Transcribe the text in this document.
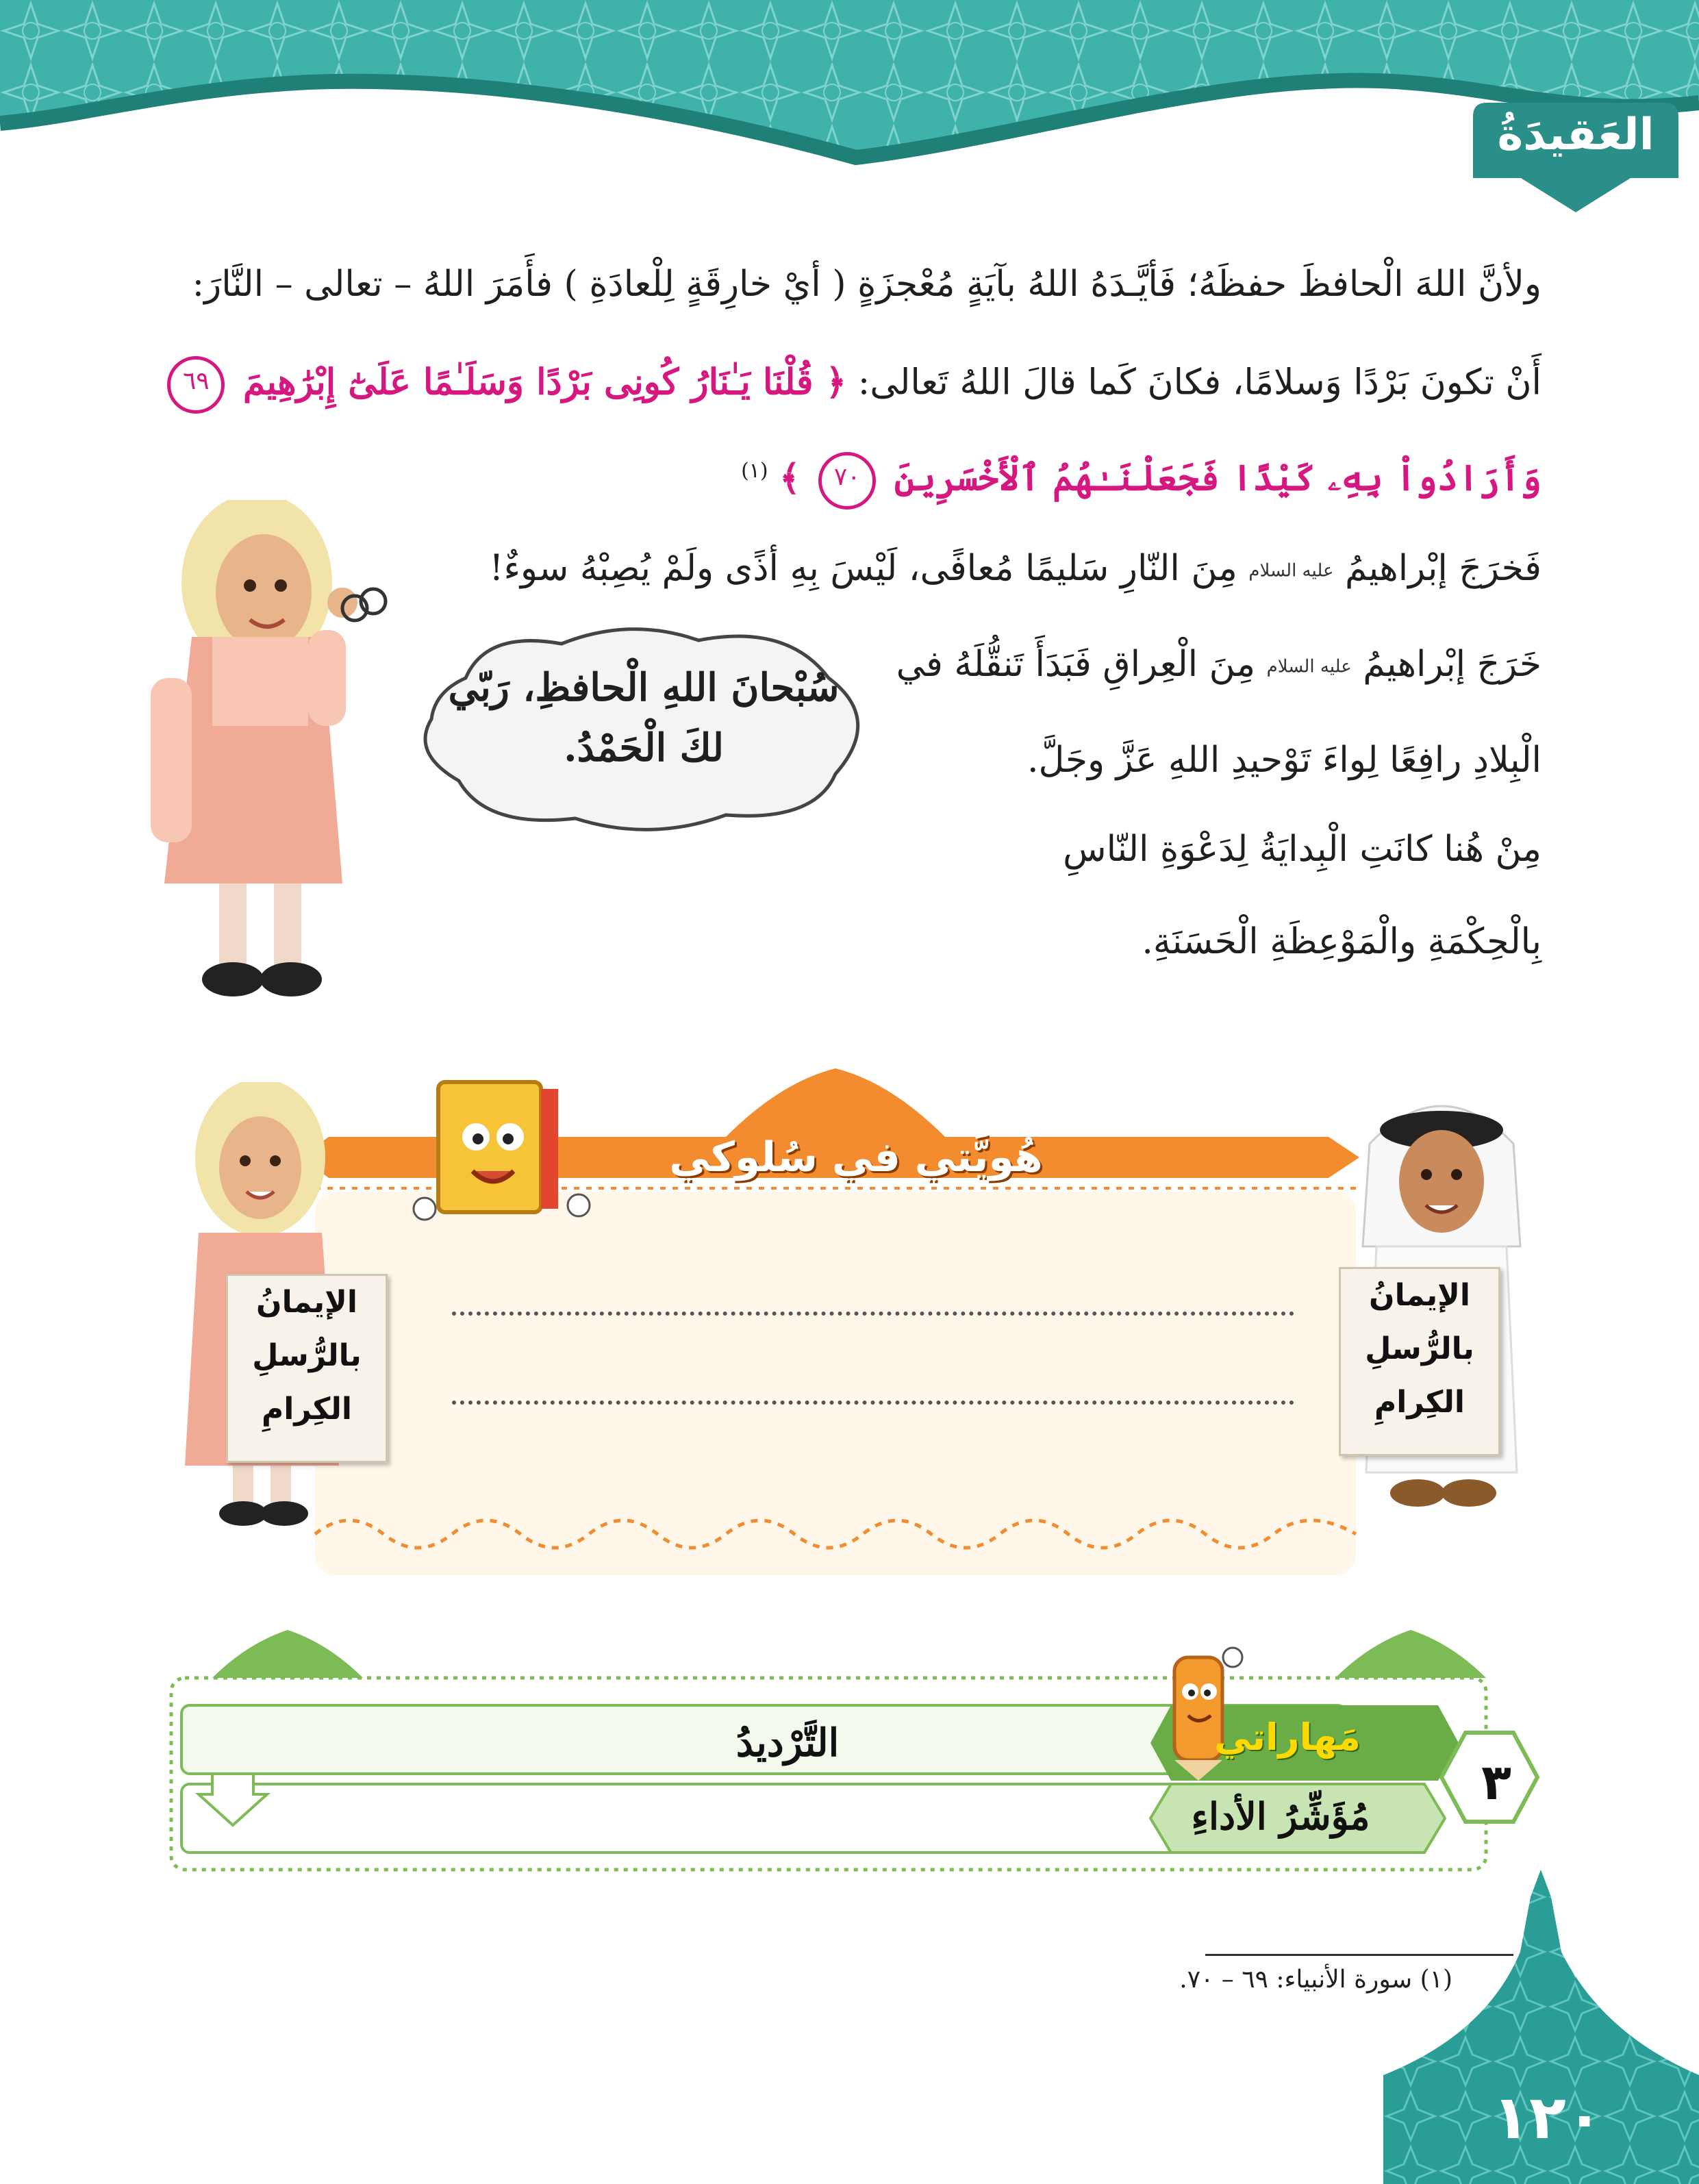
العَقيدَةُ
ولأنَّ اللهَ الْحافظَ حفظَهُ؛ فَأيَّـدَهُ اللهُ بآيَةٍ مُعْجزَةٍ ( أيْ خارِقَةٍ لِلْعادَةِ ) فأَمَرَ اللهُ – تعالى – النَّارَ:
أَنْ تكونَ بَرْدًا وَسلامًا، فكانَ كَما قالَ اللهُ تَعالى: ﴿ قُلْنَا يَـٰنَارُ كُونِى بَرْدًا وَسَلَـٰمًا عَلَىٰٓ إِبْرَٰهِيمَ ٦٩
وَأَرَادُواْ بِهِۦ كَيْدًا فَجَعَلْنَـٰهُمُ ٱلْأَخْسَرِينَ ٧٠ ﴾ $^{(١)}$
فَخرَجَ إبْراهيمُ عليه السلام مِنَ النّارِ سَليمًا مُعافًى، لَيْسَ بِهِ أذًى ولَمْ يُصِبْهُ سوءٌ!
خَرَجَ إبْراهيمُ عليه السلام مِنَ الْعِراقِ فَبَدَأَ تَنقُّلَهُ في
الْبِلادِ رافِعًا لِواءَ تَوْحيدِ اللهِ عَزَّ وجَلَّ.
مِنْ هُنا كانَتِ الْبِدايَةُ لِدَعْوَةِ النّاسِ
بِالْحِكْمَةِ والْمَوْعِظَةِ الْحَسَنَةِ.
سُبْحانَ اللهِ الْحافظِ، رَبّي
لكَ الْحَمْدُ.
هُويَّتي في سُلوكي
الإيمانُ
بالرُّسلِ
الكِرامِ
الإيمانُ
بالرُّسلِ
الكِرامِ
مَهاراتي
مُؤَشِّرُ الأداءِ
التَّرْديدُ
٣
(١) سورة الأنبياء: ٦٩ – ٧٠.
١٢٠
